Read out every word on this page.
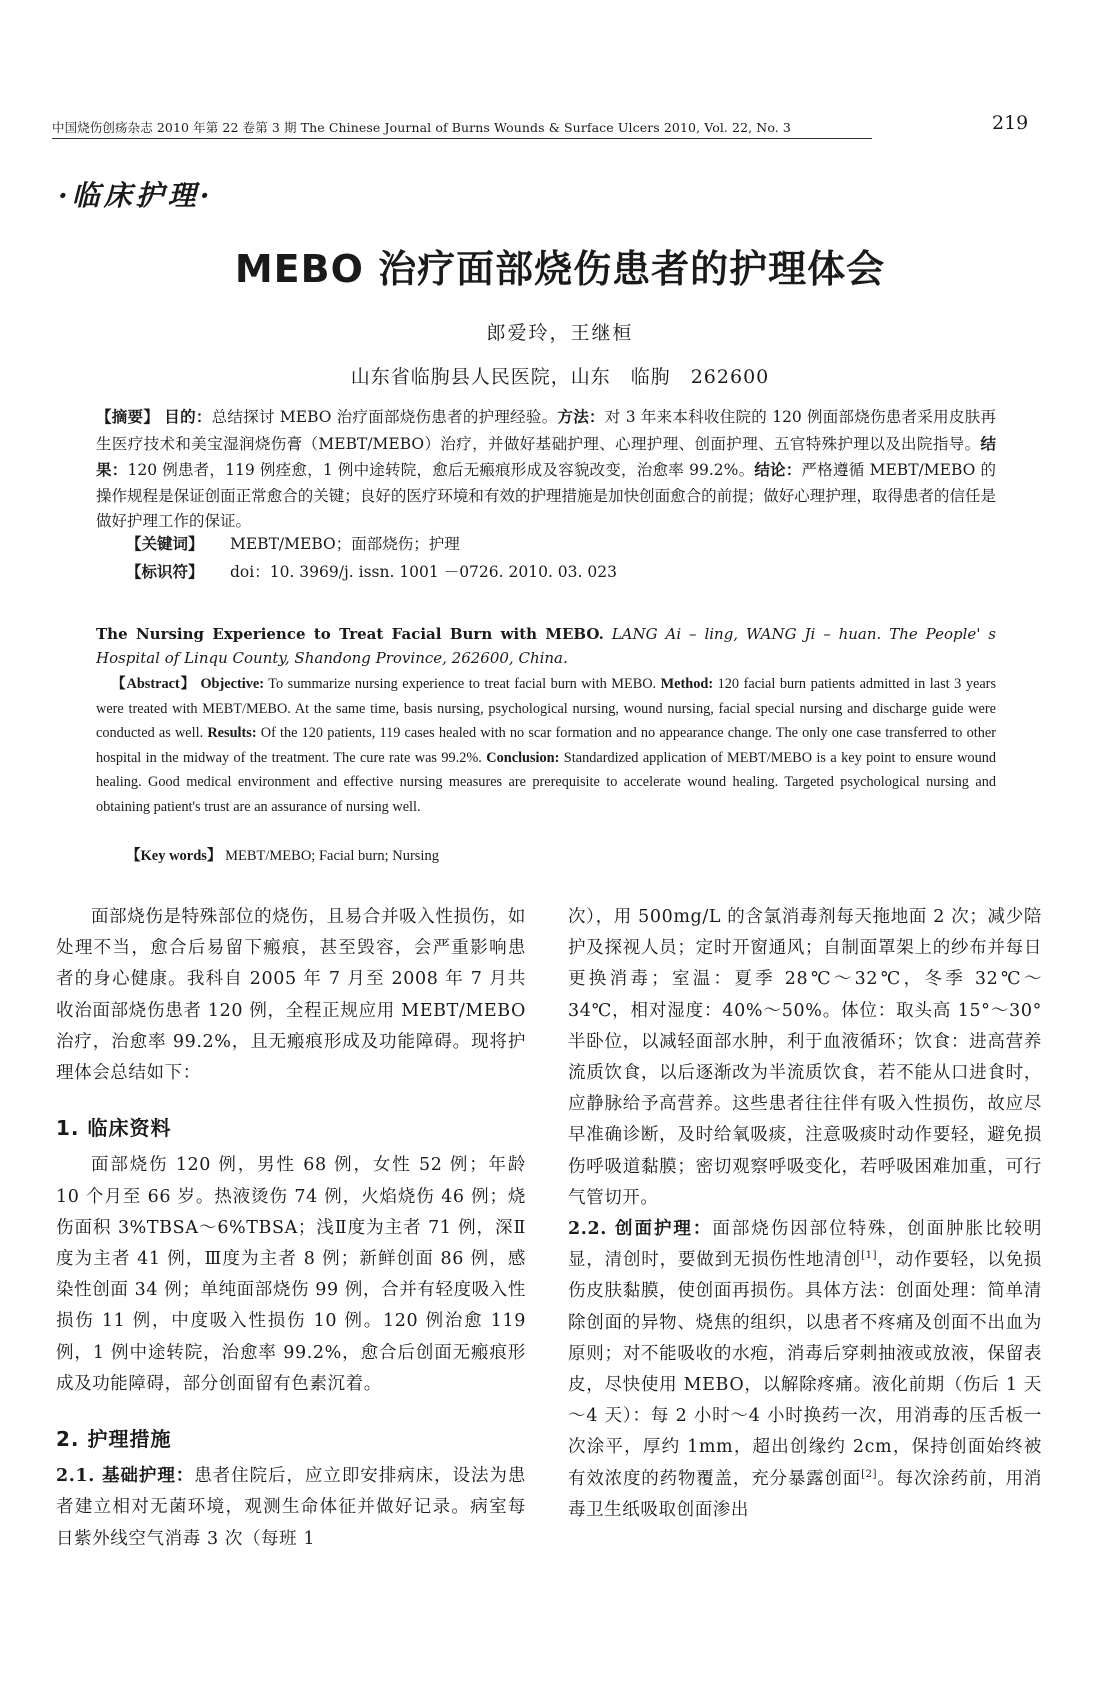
中国烧伤创疡杂志 2010 年第 22 卷第 3 期 The Chinese Journal of Burns Wounds & Surface Ulcers 2010, Vol. 22, No. 3	219
·临床护理·
MEBO 治疗面部烧伤患者的护理体会
郎爱玲，王继桓
山东省临朐县人民医院，山东　临朐　262600
【摘要】 目的：总结探讨 MEBO 治疗面部烧伤患者的护理经验。方法：对 3 年来本科收住院的 120 例面部烧伤患者采用皮肤再生医疗技术和美宝湿润烧伤膏（MEBT/MEBO）治疗，并做好基础护理、心理护理、创面护理、五官特殊护理以及出院指导。结果：120 例患者，119 例痊愈，1 例中途转院，愈后无瘢痕形成及容貌改变，治愈率 99.2%。结论：严格遵循 MEBT/MEBO 的操作规程是保证创面正常愈合的关键；良好的医疗环境和有效的护理措施是加快创面愈合的前提；做好心理护理，取得患者的信任是做好护理工作的保证。
【关键词】 MEBT/MEBO；面部烧伤；护理
【标识符】 doi：10. 3969/j. issn. 1001 －0726. 2010. 03. 023
The Nursing Experience to Treat Facial Burn with MEBO. LANG Ai – ling, WANG Ji – huan. The People' s Hospital of Linqu County, Shandong Province, 262600, China.
 【Abstract】 Objective: To summarize nursing experience to treat facial burn with MEBO. Method: 120 facial burn patients admitted in last 3 years were treated with MEBT/MEBO. At the same time, basis nursing, psychological nursing, wound nursing, facial special nursing and discharge guide were conducted as well. Results: Of the 120 patients, 119 cases healed with no scar formation and no appearance change. The only one case transferred to other hospital in the midway of the treatment. The cure rate was 99.2%. Conclusion: Standardized application of MEBT/MEBO is a key point to ensure wound healing. Good medical environment and effective nursing measures are prerequisite to accelerate wound healing. Targeted psychological nursing and obtaining patient's trust are an assurance of nursing well.
【Key words】 MEBT/MEBO; Facial burn; Nursing

面部烧伤是特殊部位的烧伤，且易合并吸入性损伤，如处理不当，愈合后易留下瘢痕，甚至毁容，会严重影响患者的身心健康。我科自 2005 年 7 月至 2008 年 7 月共收治面部烧伤患者 120 例，全程正规应用 MEBT/MEBO 治疗，治愈率 99.2%，且无瘢痕形成及功能障碍。现将护理体会总结如下：

1. 临床资料

面部烧伤 120 例，男性 68 例，女性 52 例；年龄 10 个月至 66 岁。热液烫伤 74 例，火焰烧伤 46 例；烧伤面积 3%TBSA～6%TBSA；浅Ⅱ度为主者 71 例，深Ⅱ度为主者 41 例，Ⅲ度为主者 8 例；新鲜创面 86 例，感染性创面 34 例；单纯面部烧伤 99 例，合并有轻度吸入性损伤 11 例，中度吸入性损伤 10 例。120 例治愈 119 例，1 例中途转院，治愈率 99.2%，愈合后创面无瘢痕形成及功能障碍，部分创面留有色素沉着。

2. 护理措施

2.1. 基础护理：患者住院后，应立即安排病床，设法为患者建立相对无菌环境，观测生命体征并做好记录。病室每日紫外线空气消毒 3 次（每班 1

次），用 500mg/L 的含氯消毒剂每天拖地面 2 次；减少陪护及探视人员；定时开窗通风；自制面罩架上的纱布并每日更换消毒；室温：夏季 28℃～32℃，冬季 32℃～34℃，相对湿度：40%～50%。体位：取头高 15°～30°半卧位，以减轻面部水肿，利于血液循环；饮食：进高营养流质饮食，以后逐渐改为半流质饮食，若不能从口进食时，应静脉给予高营养。这些患者往往伴有吸入性损伤，故应尽早准确诊断，及时给氧吸痰，注意吸痰时动作要轻，避免损伤呼吸道黏膜；密切观察呼吸变化，若呼吸困难加重，可行气管切开。

2.2. 创面护理：面部烧伤因部位特殊，创面肿胀比较明显，清创时，要做到无损伤性地清创[1]，动作要轻，以免损伤皮肤黏膜，使创面再损伤。具体方法：创面处理：简单清除创面的异物、烧焦的组织，以患者不疼痛及创面不出血为原则；对不能吸收的水疱，消毒后穿刺抽液或放液，保留表皮，尽快使用 MEBO，以解除疼痛。液化前期（伤后 1 天～4 天）：每 2 小时～4 小时换药一次，用消毒的压舌板一次涂平，厚约 1mm，超出创缘约 2cm，保持创面始终被有效浓度的药物覆盖，充分暴露创面[2]。每次涂药前，用消毒卫生纸吸取创面渗出
